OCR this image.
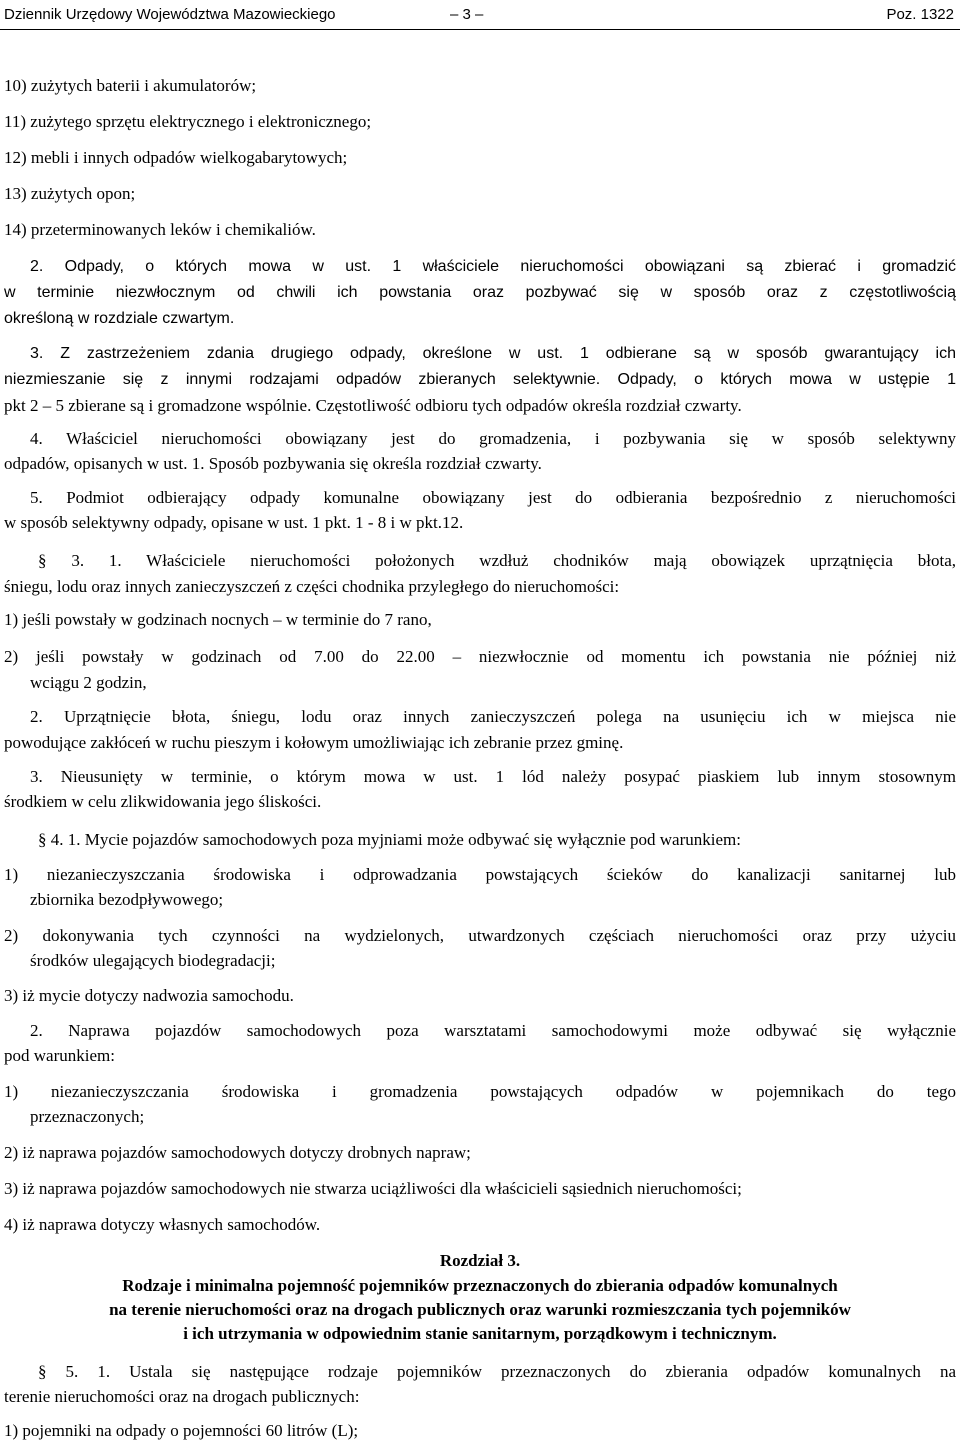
Dziennik Urzędowy Województwa Mazowieckiego	– 3 –	Poz. 1322
10) zużytych baterii i akumulatorów;
11) zużytego sprzętu elektrycznego i elektronicznego;
12) mebli i innych odpadów wielkogabarytowych;
13) zużytych opon;
14) przeterminowanych leków i chemikaliów.
2. Odpady, o których mowa w ust. 1 właściciele nieruchomości obowiązani są zbierać i gromadzić
w terminie niezwłocznym od chwili ich powstania oraz pozbywać się w sposób oraz z częstotliwością
określoną w rozdziale czwartym.
3. Z zastrzeżeniem zdania drugiego odpady, określone w ust. 1 odbierane są w sposób gwarantujący ich
niezmieszanie się z innymi rodzajami odpadów zbieranych selektywnie. Odpady, o których mowa w ustępie 1
pkt 2 – 5 zbierane są i gromadzone wspólnie. Częstotliwość odbioru tych odpadów określa rozdział czwarty.
4. Właściciel nieruchomości obowiązany jest do gromadzenia, i pozbywania się w sposób selektywny
odpadów, opisanych w ust. 1. Sposób pozbywania się określa rozdział czwarty.
5. Podmiot odbierający odpady komunalne obowiązany jest do odbierania bezpośrednio z nieruchomości
w sposób selektywny odpady, opisane w ust. 1 pkt. 1 - 8 i w pkt.12.
§ 3. 1. Właściciele nieruchomości położonych wzdłuż chodników mają obowiązek uprzątnięcia błota,
śniegu, lodu oraz innych zanieczyszczeń z części chodnika przyległego do nieruchomości:
1) jeśli powstały w godzinach nocnych – w terminie do 7 rano,
2) jeśli powstały w godzinach od 7.00 do 22.00 – niezwłocznie od momentu ich powstania nie później niż
wciągu 2 godzin,
2. Uprzątnięcie błota, śniegu, lodu oraz innych zanieczyszczeń polega na usunięciu ich w miejsca nie
powodujące zakłóceń w ruchu pieszym i kołowym umożliwiając ich zebranie przez gminę.
3. Nieusunięty w terminie, o którym mowa w ust. 1 lód należy posypać piaskiem lub innym stosownym
środkiem w celu zlikwidowania jego śliskości.
§ 4. 1. Mycie pojazdów samochodowych poza myjniami może odbywać się wyłącznie pod warunkiem:
1) niezanieczyszczania środowiska i odprowadzania powstających ścieków do kanalizacji sanitarnej lub
zbiornika bezodpływowego;
2) dokonywania tych czynności na wydzielonych, utwardzonych częściach nieruchomości oraz przy użyciu
środków ulegających biodegradacji;
3) iż mycie dotyczy nadwozia samochodu.
2. Naprawa pojazdów samochodowych poza warsztatami samochodowymi może odbywać się wyłącznie
pod warunkiem:
1) niezanieczyszczania środowiska i gromadzenia powstających odpadów w pojemnikach do tego
przeznaczonych;
2) iż naprawa pojazdów samochodowych dotyczy drobnych napraw;
3) iż naprawa pojazdów samochodowych nie stwarza uciążliwości dla właścicieli sąsiednich nieruchomości;
4) iż naprawa dotyczy własnych samochodów.
Rozdział 3.
Rodzaje i minimalna pojemność pojemników przeznaczonych do zbierania odpadów komunalnych
na terenie nieruchomości oraz na drogach publicznych oraz warunki rozmieszczania tych pojemników
i ich utrzymania w odpowiednim stanie sanitarnym, porządkowym i technicznym.
§ 5. 1. Ustala się następujące rodzaje pojemników przeznaczonych do zbierania odpadów komunalnych na
terenie nieruchomości oraz na drogach publicznych:
1) pojemniki na odpady o pojemności 60 litrów (L);
